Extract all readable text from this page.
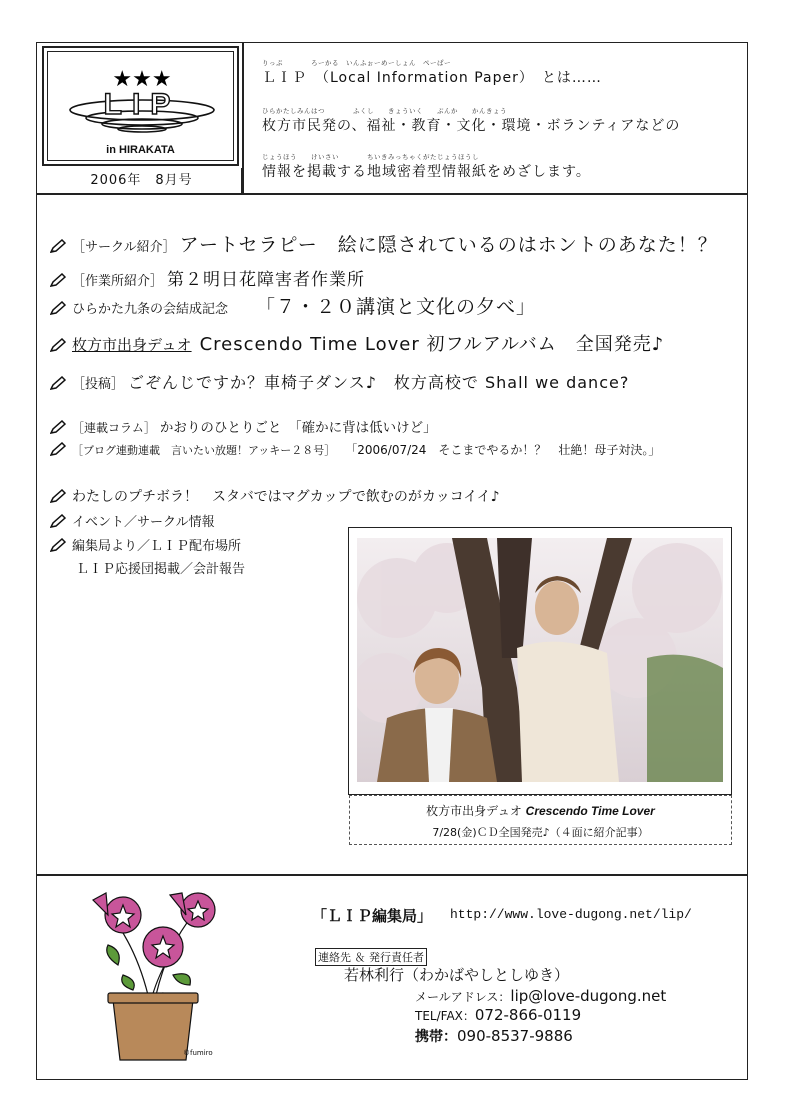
★★★
LIP
in HIRAKATA
2006年　8月号
りっぷ　　　　ろーかる　いんふぉーめーしょん　ぺーぱー
ＬＩＰ　（Local Information Paper）　とは……
ひらかたしみんはつ　　　　ふくし　　きょういく　　ぶんか　　かんきょう
枚方市民発の、福祉・教育・文化・環境・ボランティアなどの
じょうほう　　けいさい　　　　ちいきみっちゃくがたじょうほうし
情報を掲載する地域密着型情報紙をめざします。
［サークル紹介］ アートセラピー　絵に隠されているのはホントのあなた！？
［作業所紹介］ 第２明日花障害者作業所
ひらかた九条の会結成記念 「７・２０講演と文化の夕べ」
枚方市出身デュオ Crescendo Time Lover 初フルアルバム　全国発売♪
［投稿］ ごぞんじですか？車椅子ダンス♪　枚方高校で Shall we dance?
［連載コラム］ かおりのひとりごと　「確かに背は低いけど」
［ブログ連動連載　言いたい放題！アッキー２８号］ 「2006/07/24　そこまでやるか！？　壮絶！母子対決。」
わたしのプチボラ！　スタバではマグカップで飲むのがカッコイイ♪
イベント／サークル情報
編集局より／ＬＩＰ配布場所
ＬＩＰ応援団掲載／会計報告
枚方市出身デュオ Crescendo Time Lover
7/28(金)ＣＤ全国発売♪（４面に紹介記事）
©fumiro
「ＬＩＰ編集局」 http://www.love-dugong.net/lip/
連絡先 ＆ 発行責任者
若林利行（わかばやしとしゆき）
メールアドレス：lip@love-dugong.net
TEL/FAX：072-866-0119
携帯：090-8537-9886
